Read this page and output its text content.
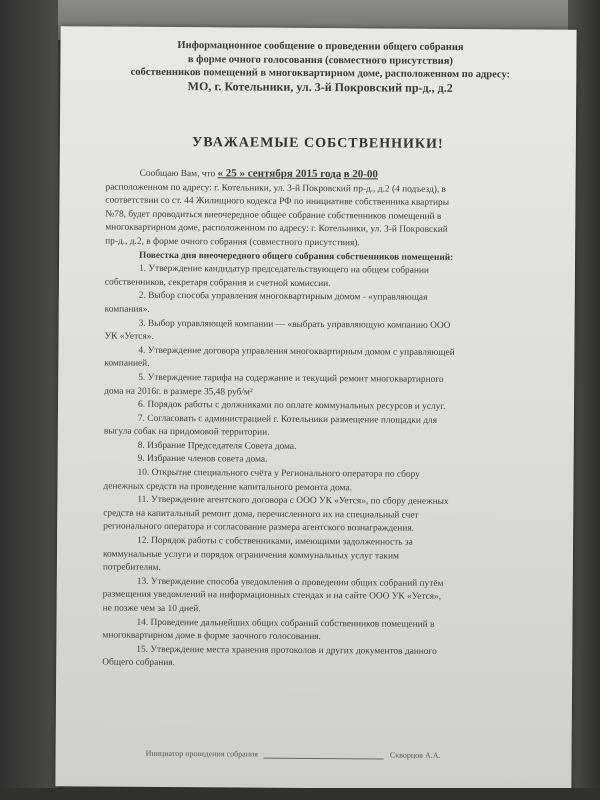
Информационное сообщение о проведении общего собрания
в форме очного голосования (совместного присутствия)
собственников помещений в многоквартирном доме, расположенном по адресу:
МО, г. Котельники, ул. 3-й Покровский пр-д., д.2
УВАЖАЕМЫЕ СОБСТВЕННИКИ!
Сообщаю Вам, что « 25 » сентября 2015 года в 20-00
расположенном по адресу: г. Котельники, ул. 3-й Покровский пр-д., д.2 (4 подъезд), в
соответствии со ст. 44 Жилищного кодекса РФ по инициативе собственника квартиры
№78, будет проводиться внеочередное общее собрание собственников помещений в
многоквартирном доме, расположенном по адресу: г. Котельники, ул. 3-й Покровский
пр-д., д.2, в форме очного собрания (совместного присутствия).
Повестка дня внеочередного общего собрания собственников помещений:
1. Утверждение кандидатур председательствующего на общем собрании
собственников, секретаря собрания и счетной комиссии.
2. Выбор способа управления многоквартирным домом - «управляющая
компания».
3. Выбор управляющей компании — «выбрать управляющую компанию ООО
УК «Уется».
4. Утверждение договора управления многоквартирным домом с управляющей
компанией.
5. Утверждение тарифа на содержание и текущий ремонт многоквартирного
дома на 2016г. в размере 35,48 руб/м²
6. Порядок работы с должниками по оплате коммунальных ресурсов и услуг.
7. Согласовать с администрацией г. Котельники размещение площадки для
выгула собак на придомовой территории.
8. Избрание Председателя Совета дома.
9. Избрание членов совета дома.
10. Открытие специального счёта у Регионального оператора по сбору
денежных средств на проведение капитального ремонта дома.
11. Утверждение агентского договора с ООО УК «Уется», по сбору денежных
средств на капитальный ремонт дома, перечисленного их на специальный счет
регионального оператора и согласование размера агентского вознаграждения.
12. Порядок работы с собственниками, имеющими задолженность за
коммунальные услуги и порядок ограничения коммунальных услуг таким
потребителям.
13. Утверждение способа уведомления о проведении общих собраний путём
размещения уведомлений на информационных стендах и на сайте ООО УК «Уется»,
не позже чем за 10 дней.
14. Проведение дальнейших общих собраний собственников помещений в
многоквартирном доме в форме заочного голосования.
15. Утверждение места хранения протоколов и других документов данного
Общего собрания.
Инициатор проведения собрания	Скворцов А.А.
